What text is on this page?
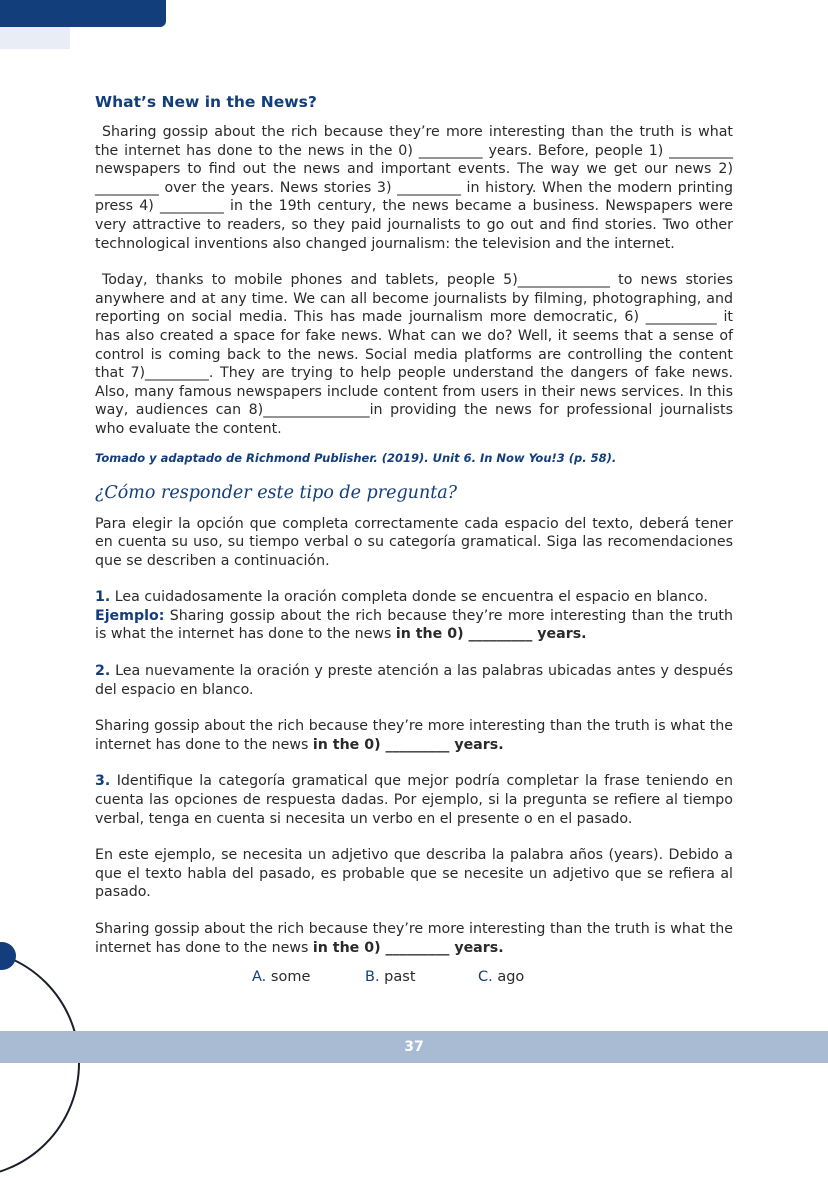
What’s New in the News?

Sharing gossip about the rich because they’re more interesting than the truth is what the internet has done to the news in the 0) _________ years. Before, people 1) _________ newspapers to find out the news and important events. The way we get our news 2) _________ over the years. News stories 3) _________ in history. When the modern printing press 4) _________ in the 19th century, the news became a business. Newspapers were very attractive to readers, so they paid journalists to go out and find stories. Two other technological inventions also changed journalism: the television and the internet.

Today, thanks to mobile phones and tablets, people 5)_____________ to news stories anywhere and at any time. We can all become journalists by filming, photographing, and reporting on social media. This has made journalism more democratic, 6) __________ it has also created a space for fake news. What can we do? Well, it seems that a sense of control is coming back to the news. Social media platforms are controlling the content that 7)_________. They are trying to help people understand the dangers of fake news. Also, many famous newspapers include content from users in their news services. In this way, audiences can 8)_______________in providing the news for professional journalists who evaluate the content.

Tomado y adaptado de Richmond Publisher. (2019). Unit 6. In Now You!3 (p. 58).
¿Cómo responder este tipo de pregunta?

Para elegir la opción que completa correctamente cada espacio del texto, deberá tener en cuenta su uso, su tiempo verbal o su categoría gramatical. Siga las recomendaciones que se describen a continuación.

1. Lea cuidadosamente la oración completa donde se encuentra el espacio en blanco.

Ejemplo: Sharing gossip about the rich because they’re more interesting than the truth is what the internet has done to the news in the 0) _________ years.

2. Lea nuevamente la oración y preste atención a las palabras ubicadas antes y después del espacio en blanco.

Sharing gossip about the rich because they’re more interesting than the truth is what the internet has done to the news in the 0) _________ years.

3. Identifique la categoría gramatical que mejor podría completar la frase teniendo en cuenta las opciones de respuesta dadas. Por ejemplo, si la pregunta se refiere al tiempo verbal, tenga en cuenta si necesita un verbo en el presente o en el pasado.

En este ejemplo, se necesita un adjetivo que describa la palabra años (years). Debido a que el texto habla del pasado, es probable que se necesite un adjetivo que se refiera al pasado.

Sharing gossip about the rich because they’re more interesting than the truth is what the internet has done to the news in the 0) _________ years.

A. some	B. past	C. ago
37
